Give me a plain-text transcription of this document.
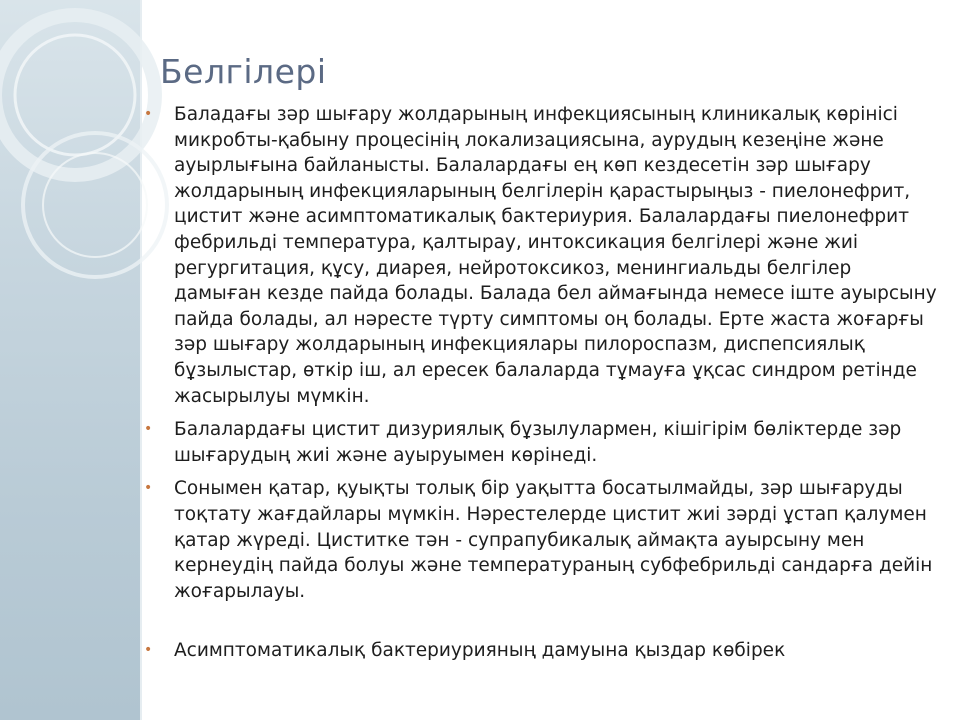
Белгілері
• Баладағы зәр шығару жолдарының инфекциясының клиникалық көрінісі микробты-қабыну процесінің локализациясына, аурудың кезеңіне және ауырлығына байланысты. Балалардағы ең көп кездесетін зәр шығару жолдарының инфекцияларының белгілерін қарастырыңыз - пиелонефрит, цистит және асимптоматикалық бактериурия. Балалардағы пиелонефрит фебрильді температура, қалтырау, интоксикация белгілері және жиі регургитация, құсу, диарея, нейротоксикоз, менингиальды белгілер дамыған кезде пайда болады. Балада бел аймағында немесе іште ауырсыну пайда болады, ал нәресте түрту симптомы оң болады. Ерте жаста жоғарғы зәр шығару жолдарының инфекциялары пилороспазм, диспепсиялық бұзылыстар, өткір іш, ал ересек балаларда тұмауға ұқсас синдром ретінде жасырылуы мүмкін.
• Балалардағы цистит дизуриялық бұзылулармен, кішігірім бөліктерде зәр шығарудың жиі және ауыруымен көрінеді.
• Сонымен қатар, қуықты толық бір уақытта босатылмайды, зәр шығаруды тоқтату жағдайлары мүмкін. Нәрестелерде цистит жиі зәрді ұстап қалумен қатар жүреді. Циститке тән - супрапубикалық аймақта ауырсыну мен кернеудің пайда болуы және температураның субфебрильді сандарға дейін жоғарылауы.
• Асимптоматикалық бактериурияның дамуына қыздар көбірек
